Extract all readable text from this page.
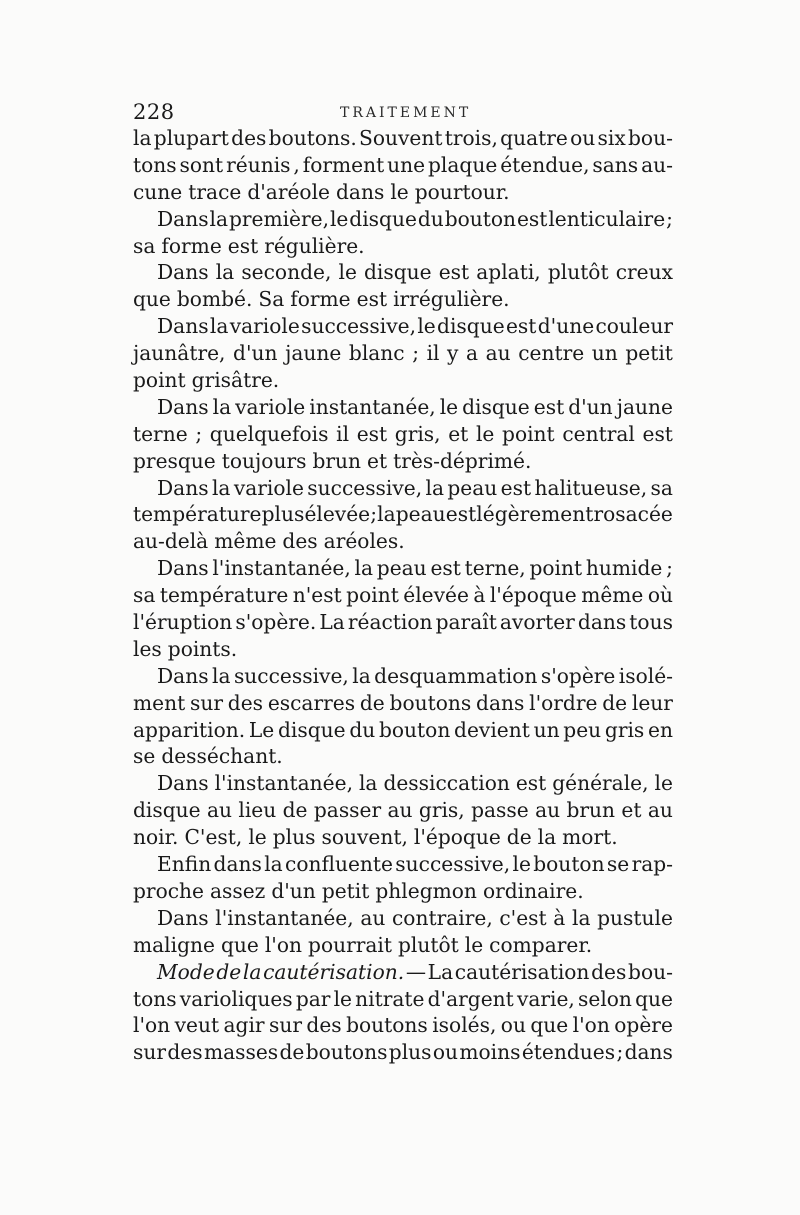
228	TRAITEMENT
la plupart des boutons. Souvent trois, quatre ou six bou-
tons sont réunis , forment une plaque étendue, sans au-
cune trace d'aréole dans le pourtour.
Dans la première, le disque du bouton est lenticulaire ;
sa forme est régulière.
Dans la seconde, le disque est aplati, plutôt creux
que bombé. Sa forme est irrégulière.
Dans la variole successive, le disque est d'une couleur
jaunâtre, d'un jaune blanc ; il y a au centre un petit
point grisâtre.
Dans la variole instantanée, le disque est d'un jaune
terne ; quelquefois il est gris, et le point central est
presque toujours brun et très-déprimé.
Dans la variole successive, la peau est halitueuse, sa
température plus élevée ; la peau est légèrement rosacée
au-delà même des aréoles.
Dans l'instantanée, la peau est terne, point humide ;
sa température n'est point élevée à l'époque même où
l'éruption s'opère. La réaction paraît avorter dans tous
les points.
Dans la successive, la desquammation s'opère isolé-
ment sur des escarres de boutons dans l'ordre de leur
apparition. Le disque du bouton devient un peu gris en
se desséchant.
Dans l'instantanée, la dessiccation est générale, le
disque au lieu de passer au gris, passe au brun et au
noir. C'est, le plus souvent, l'époque de la mort.
Enfin dans la confluente successive, le bouton se rap-
proche assez d'un petit phlegmon ordinaire.
Dans l'instantanée, au contraire, c'est à la pustule
maligne que l'on pourrait plutôt le comparer.
Mode de la cautérisation. — La cautérisation des bou-
tons varioliques par le nitrate d'argent varie, selon que
l'on veut agir sur des boutons isolés, ou que l'on opère
sur des masses de boutons plus ou moins étendues ; dans
